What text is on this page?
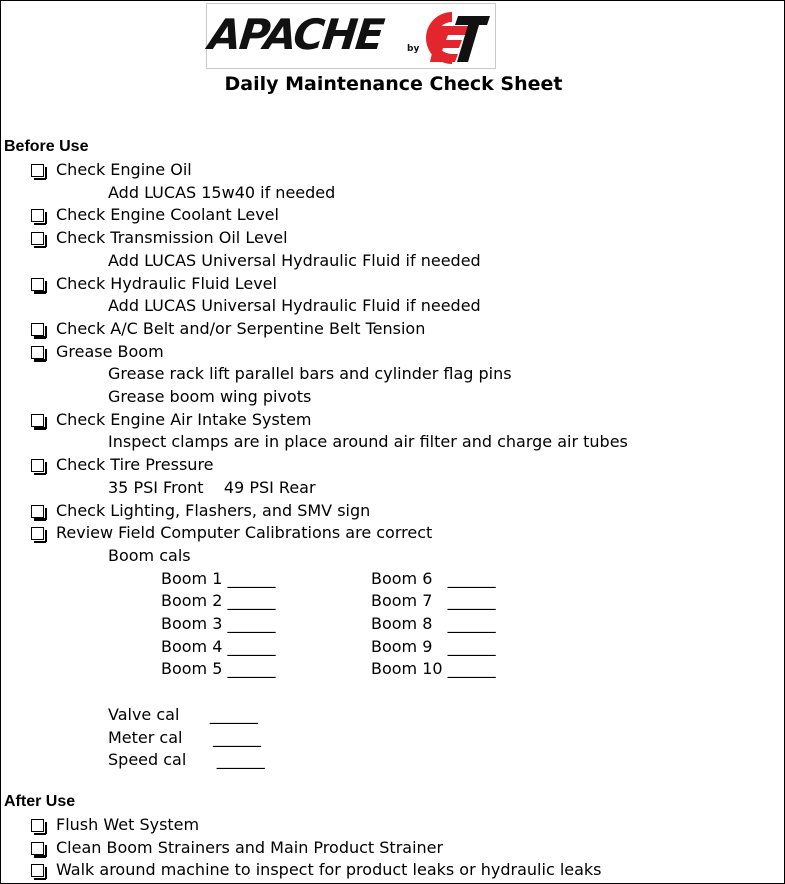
APACHE by
Daily Maintenance Check Sheet
Before Use
Check Engine Oil
Add LUCAS 15w40 if needed
Check Engine Coolant Level
Check Transmission Oil Level
Add LUCAS Universal Hydraulic Fluid if needed
Check Hydraulic Fluid Level
Add LUCAS Universal Hydraulic Fluid if needed
Check A/C Belt and/or Serpentine Belt Tension
Grease Boom
Grease rack lift parallel bars and cylinder flag pins
Grease boom wing pivots
Check Engine Air Intake System
Inspect clamps are in place around air filter and charge air tubes
Check Tire Pressure
35 PSI Front    49 PSI Rear
Check Lighting, Flashers, and SMV sign
Review Field Computer Calibrations are correct
Boom cals
Boom 1 ______
Boom 2 ______
Boom 3 ______
Boom 4 ______
Boom 5 ______
Boom 6   ______
Boom 7   ______
Boom 8   ______
Boom 9   ______
Boom 10 ______
Valve cal      ______
Meter cal      ______
Speed cal      ______
After Use
Flush Wet System
Clean Boom Strainers and Main Product Strainer
Walk around machine to inspect for product leaks or hydraulic leaks
